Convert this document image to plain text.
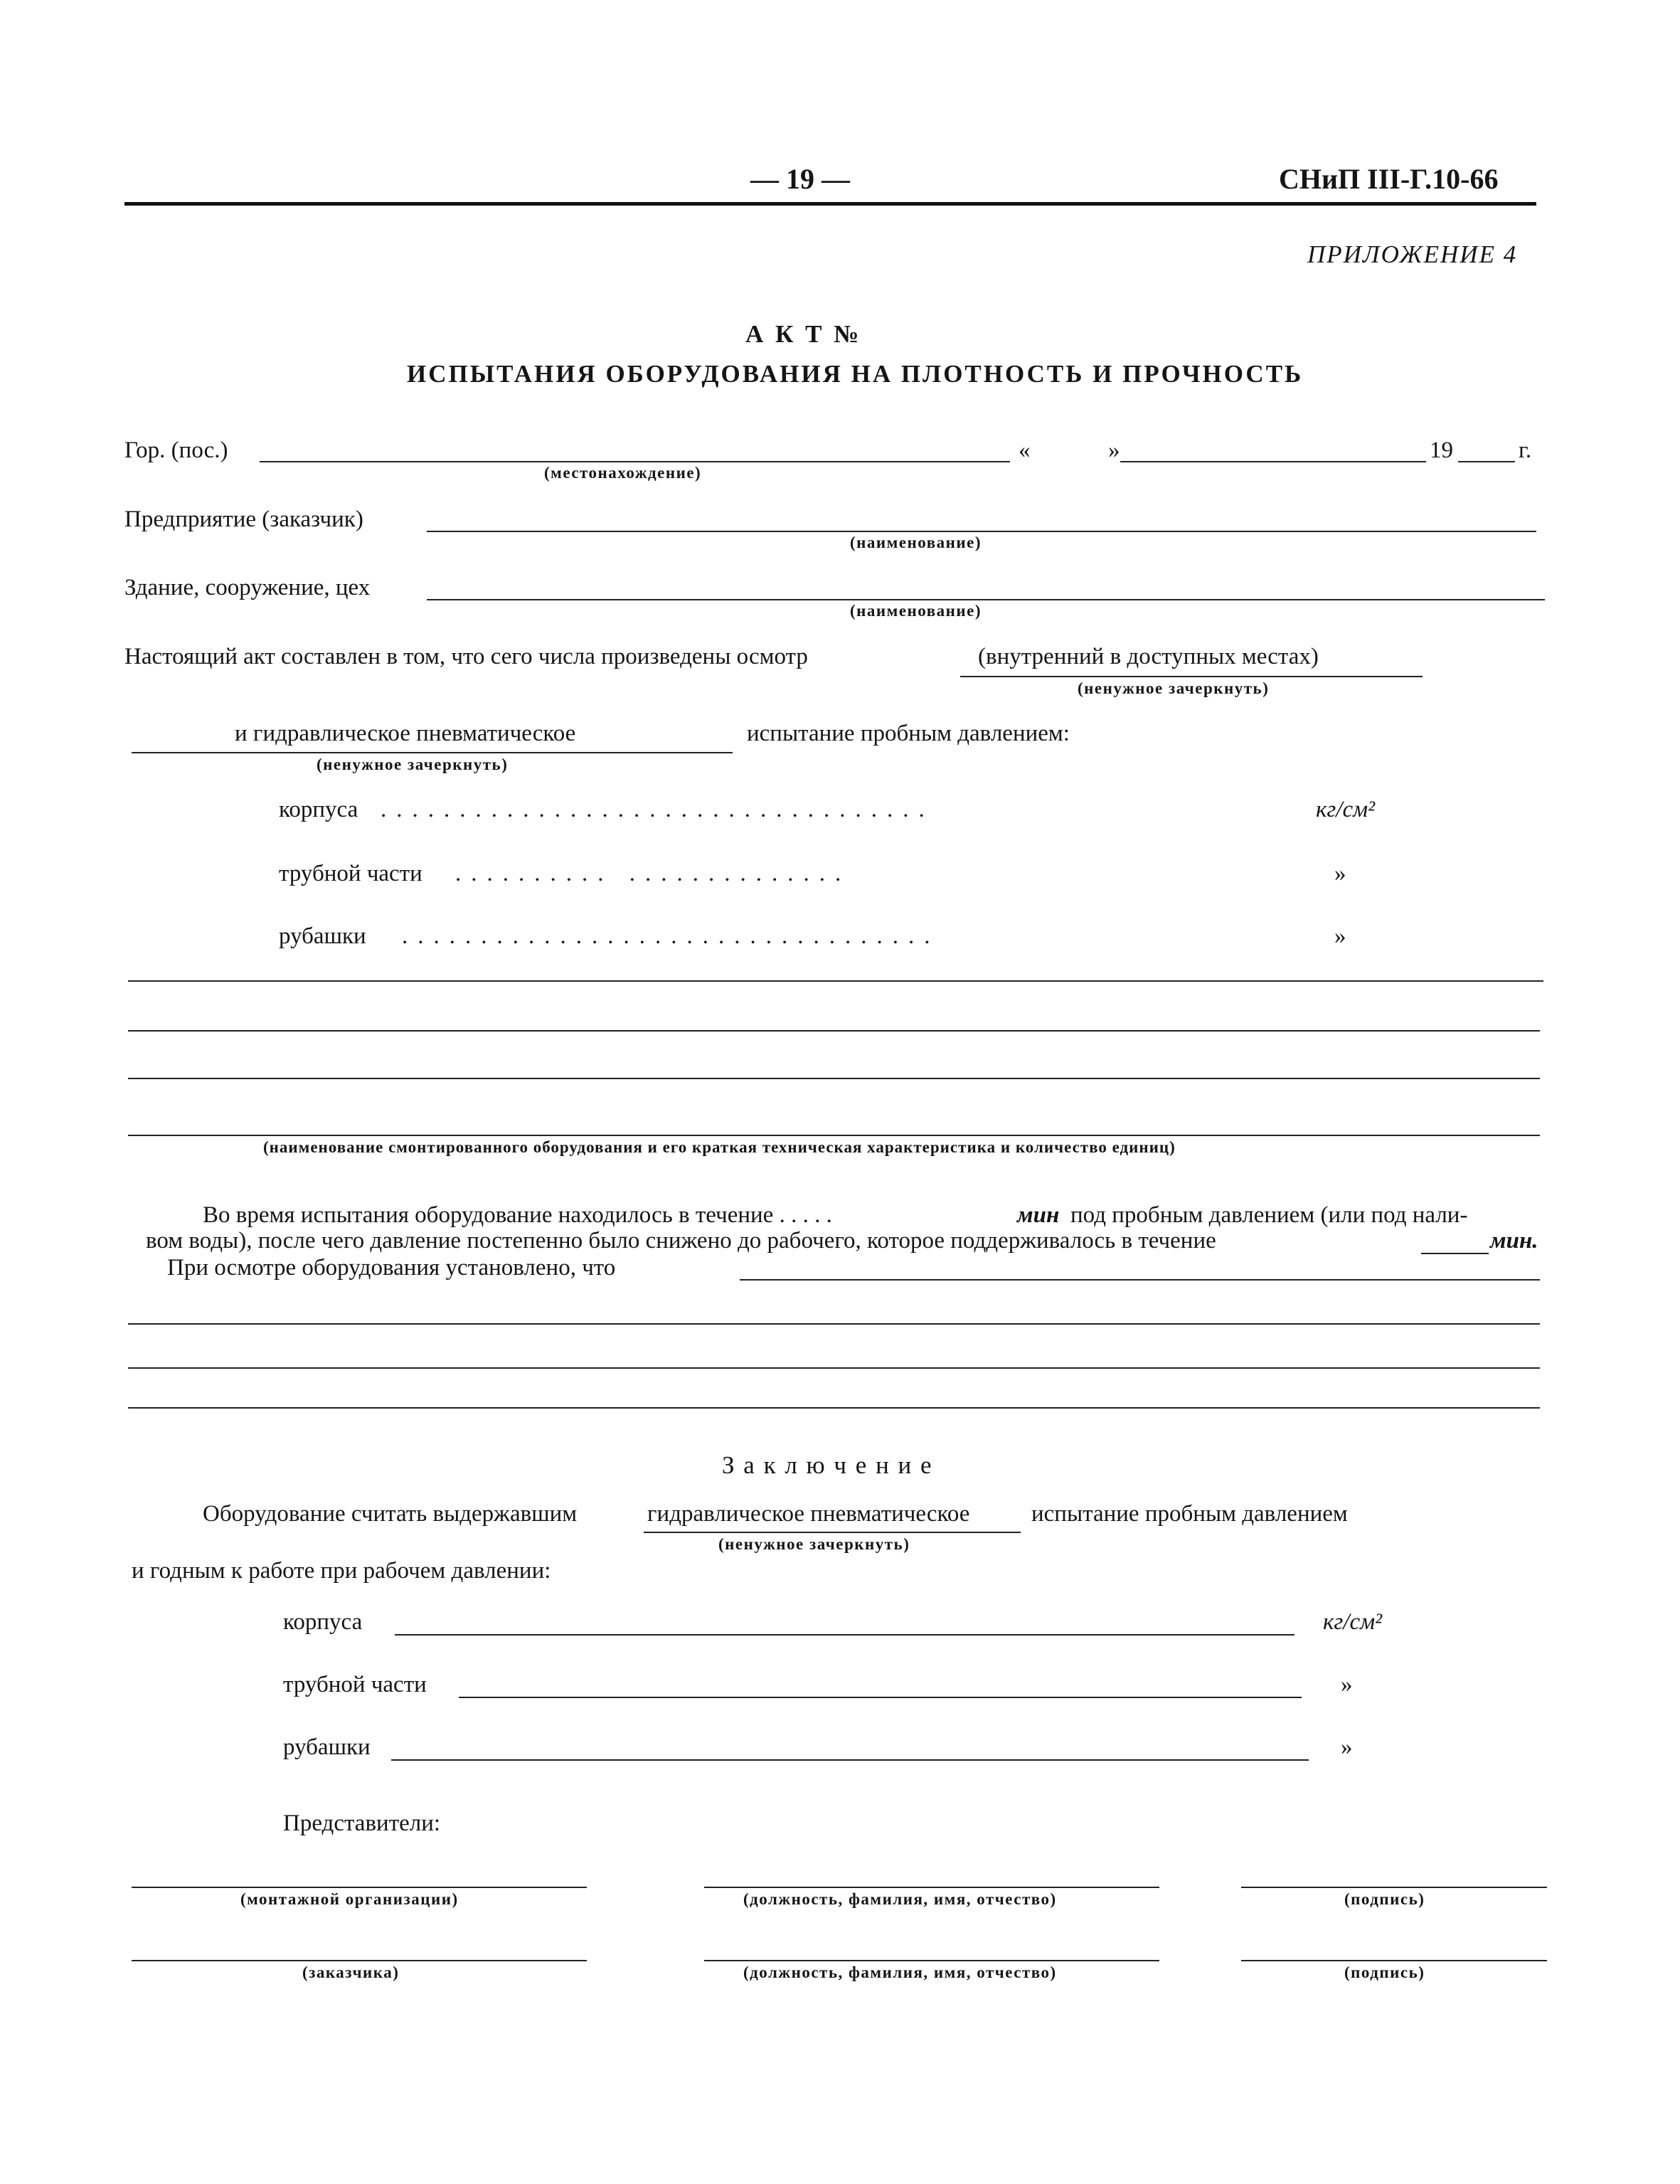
— 19 —	СНиП III-Г.10-66
ПРИЛОЖЕНИЕ 4
А К Т №
ИСПЫТАНИЯ ОБОРУДОВАНИЯ НА ПЛОТНОСТЬ И ПРОЧНОСТЬ
Гор. (пос.)
(местонахождение)
«	»	19	г.
Предприятие (заказчик)
(наименование)
Здание, сооружение, цех
(наименование)
Настоящий акт составлен в том, что сего числа произведены осмотр	(внутренний в доступных местах)
(ненужное зачеркнуть)
и гидравлическое пневматическое	испытание пробным давлением:
(ненужное зачеркнуть)
корпуса ...................................	кг/см²
трубной части .......... ..............	»
рубашки ..................................	»
(наименование смонтированного оборудования и его краткая техническая характеристика и количество единиц)
Во время испытания оборудование находилось в течение . . . . .	мин под пробным давлением (или под нали-
вом воды), после чего давление постепенно было снижено до рабочего, которое поддерживалось в течение	мин.
При осмотре оборудования установлено, что
З а к л ю ч е н и е
Оборудование считать выдержавшим	гидравлическое пневматическое	испытание пробным давлением
(ненужное зачеркнуть)
и годным к работе при рабочем давлении:
корпуса	кг/см²
трубной части	»
рубашки	»
Представители:
(монтажной организации)	(должность, фамилия, имя, отчество)	(подпись)
(заказчика)	(должность, фамилия, имя, отчество)	(подпись)
